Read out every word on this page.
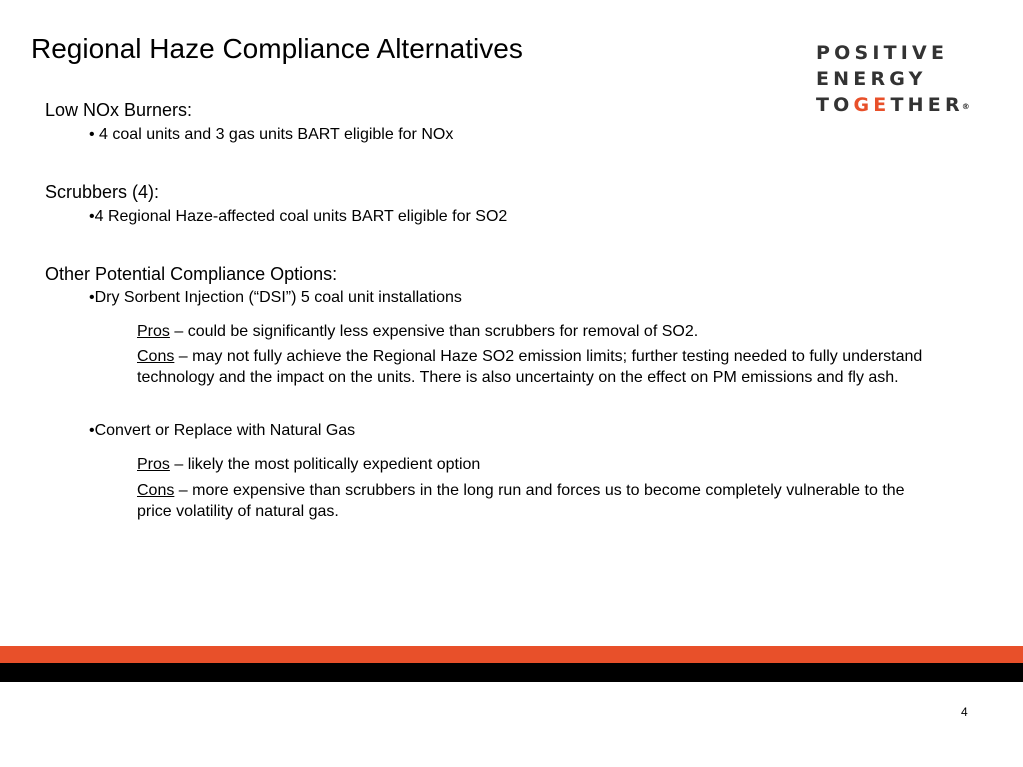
Regional Haze Compliance Alternatives	POSITIVE
ENERGY
TOGETHER®
Low NOx Burners:
• 4 coal units and 3 gas units BART eligible for NOx
Scrubbers (4):
•4 Regional Haze-affected coal units BART eligible for SO2
Other Potential Compliance Options:
•Dry Sorbent Injection (“DSI”) 5 coal unit installations
Pros – could be significantly less expensive than scrubbers for removal of SO2.
Cons – may not fully achieve the Regional Haze SO2 emission limits; further testing needed to fully understand technology and the impact on the units. There is also uncertainty on the effect on PM emissions and fly ash.
•Convert or Replace with Natural Gas
Pros – likely the most politically expedient option
Cons – more expensive than scrubbers in the long run and forces us to become completely vulnerable to the price volatility of natural gas.
4
